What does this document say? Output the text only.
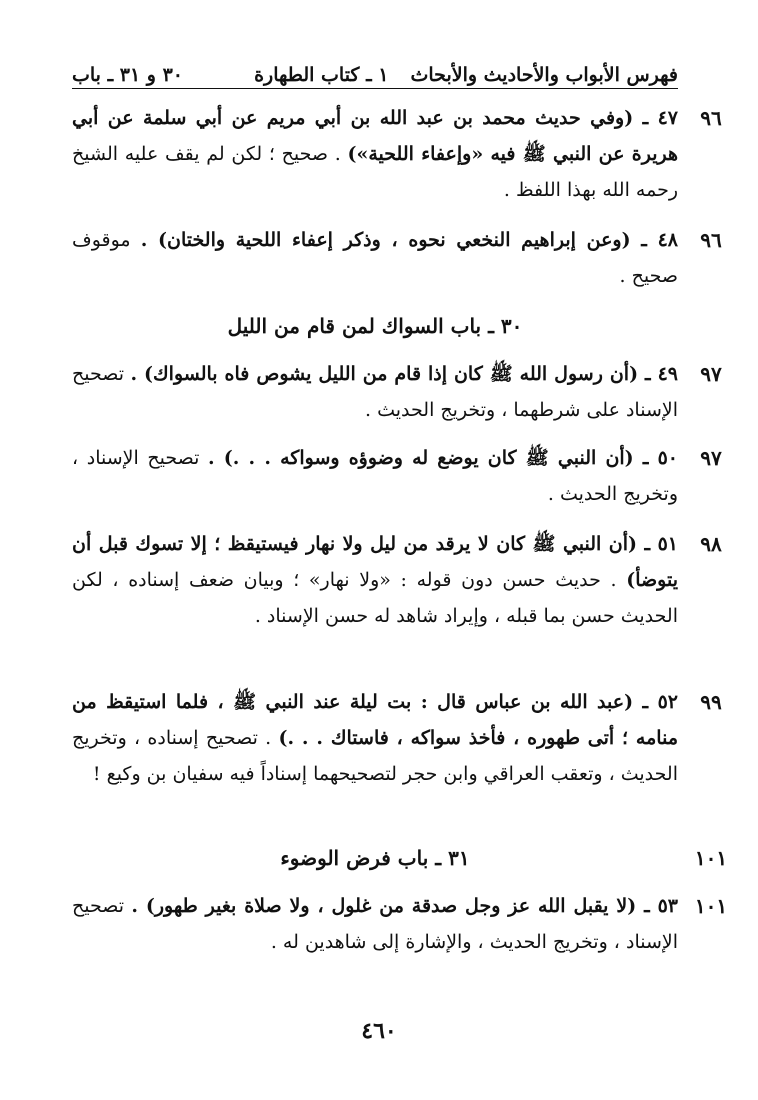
فهرس الأبواب والأحاديث والأبحاث
١ ـ كتاب الطهارة
٣٠ و ٣١ ـ باب
٩٦
٤٧ ـ (وفي حديث محمد بن عبد الله بن أبي مريم عن أبي سلمة عن أبي هريرة عن النبي ﷺ فيه «وإعفاء اللحية») . صحيح ؛ لكن لم يقف عليه الشيخ رحمه الله بهذا اللفظ .
٩٦
٤٨ ـ (وعن إبراهيم النخعي نحوه ، وذكر إعفاء اللحية والختان) . موقوف صحيح .
٣٠ ـ باب السواك لمن قام من الليل
٩٧
٤٩ ـ (أن رسول الله ﷺ كان إذا قام من الليل يشوص فاه بالسواك) . تصحيح الإسناد على شرطهما ، وتخريج الحديث .
٩٧
٥٠ ـ (أن النبي ﷺ كان يوضع له وضوؤه وسواكه . . .) . تصحيح الإسناد ، وتخريج الحديث .
٩٨
٥١ ـ (أن النبي ﷺ كان لا يرقد من ليل ولا نهار فيستيقظ ؛ إلا تسوك قبل أن يتوضأ) . حديث حسن دون قوله : «ولا نهار» ؛ وبيان ضعف إسناده ، لكن الحديث حسن بما قبله ، وإيراد شاهد له حسن الإسناد .
٩٩
٥٢ ـ (عبد الله بن عباس قال : بت ليلة عند النبي ﷺ ، فلما استيقظ من منامه ؛ أتى طهوره ، فأخذ سواكه ، فاستاك . . .) . تصحيح إسناده ، وتخريج الحديث ، وتعقب العراقي وابن حجر لتصحيحهما إسناداً فيه سفيان بن وكيع !
١٠١
٣١ ـ باب فرض الوضوء
١٠١
٥٣ ـ (لا يقبل الله عز وجل صدقة من غلول ، ولا صلاة بغير طهور) . تصحيح الإسناد ، وتخريج الحديث ، والإشارة إلى شاهدين له .
٤٦٠
